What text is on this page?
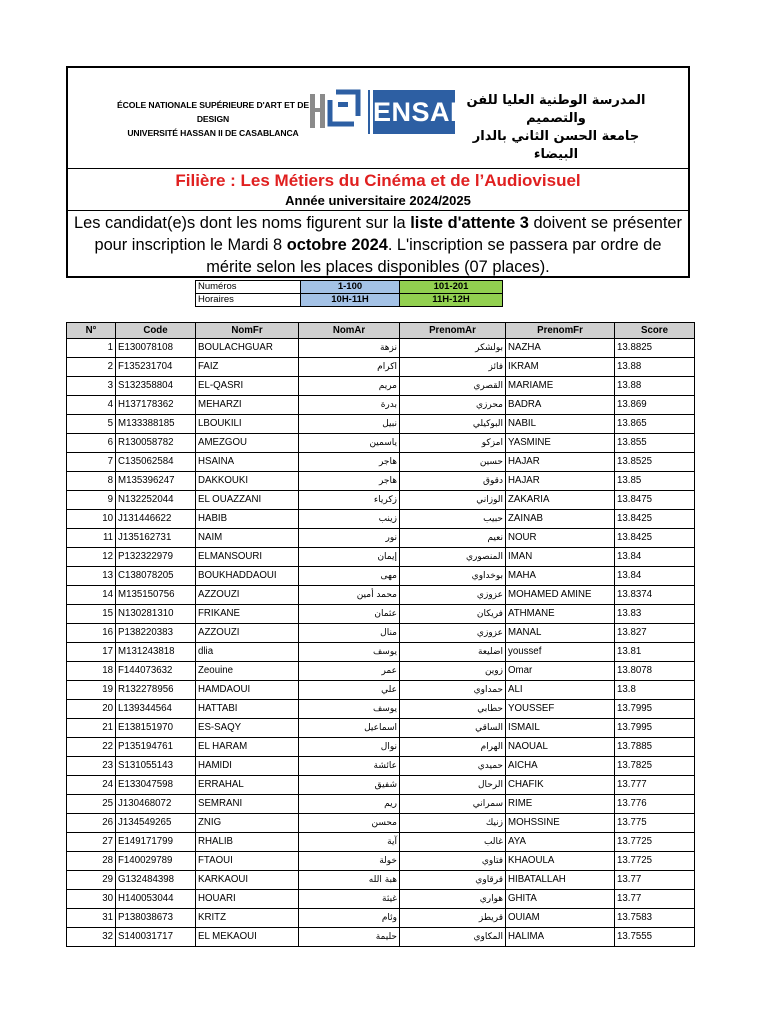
ÉCOLE NATIONALE SUPÉRIEURE D'ART ET DE DESIGN
UNIVERSITÉ HASSAN II DE CASABLANCA
ENSAD
المدرسة الوطنية العليا للفن والتصميم
جامعة الحسن الثاني بالدار البيضاء
Filière : Les Métiers du Cinéma et de l’Audiovisuel
Année universitaire 2024/2025
Les candidat(e)s dont les noms figurent sur la liste d'attente 3 doivent se présenter pour inscription le Mardi 8 octobre 2024. L'inscription se passera par ordre de mérite selon les places disponibles (07 places).
Numéros	1-100	101-201
Horaires	10H-11H	11H-12H
N°	Code	NomFr	NomAr	PrenomAr	PrenomFr	Score
1	E130078108	BOULACHGUAR	نزهة	بولشكر	NAZHA	13.8825
2	F135231704	FAIZ	اكرام	فائز	IKRAM	13.88
3	S132358804	EL-QASRI	مريم	القصري	MARIAME	13.88
4	H137178362	MEHARZI	بدرة	محرزي	BADRA	13.869
5	M133388185	LBOUKILI	نبيل	البوكيلي	NABIL	13.865
6	R130058782	AMEZGOU	ياسمين	امزكو	YASMINE	13.855
7	C135062584	HSAINA	هاجر	حسين	HAJAR	13.8525
8	M135396247	DAKKOUKI	هاجر	دقوق	HAJAR	13.85
9	N132252044	EL OUAZZANI	زكرياء	الوزاني	ZAKARIA	13.8475
10	J131446622	HABIB	زينب	حبيب	ZAINAB	13.8425
11	J135162731	NAIM	نور	نعيم	NOUR	13.8425
12	P132322979	ELMANSOURI	إيمان	المنصوري	IMAN	13.84
13	C138078205	BOUKHADDAOUI	مهى	بوخداوي	MAHA	13.84
14	M135150756	AZZOUZI	محمد أمين	عزوزي	MOHAMED AMINE	13.8374
15	N130281310	FRIKANE	عثمان	فريكان	ATHMANE	13.83
16	P138220383	AZZOUZI	منال	عزوزي	MANAL	13.827
17	M131243818	dlia	يوسف	اضليعة	youssef	13.81
18	F144073632	Zeouine	عمر	زوين	Omar	13.8078
19	R132278956	HAMDAOUI	علي	حمداوي	ALI	13.8
20	L139344564	HATTABI	يوسف	حطابي	YOUSSEF	13.7995
21	E138151970	ES-SAQY	اسماعيل	الساقي	ISMAIL	13.7995
22	P135194761	EL HARAM	نوال	الهرام	NAOUAL	13.7885
23	S131055143	HAMIDI	عائشة	حميدي	AICHA	13.7825
24	E133047598	ERRAHAL	شفيق	الرحال	CHAFIK	13.777
25	J130468072	SEMRANI	ريم	سمراني	RIME	13.776
26	J134549265	ZNIG	محسن	زنيك	MOHSSINE	13.775
27	E149171799	RHALIB	آية	غالب	AYA	13.7725
28	F140029789	FTAOUI	خولة	فتاوي	KHAOULA	13.7725
29	G132484398	KARKAOUI	هبة الله	قرقاوي	HIBATALLAH	13.77
30	H140053044	HOUARI	غيثة	هواري	GHITA	13.77
31	P138038673	KRITZ	وئام	قريطز	OUIAM	13.7583
32	S140031717	EL MEKAOUI	حليمة	المكاوي	HALIMA	13.7555
